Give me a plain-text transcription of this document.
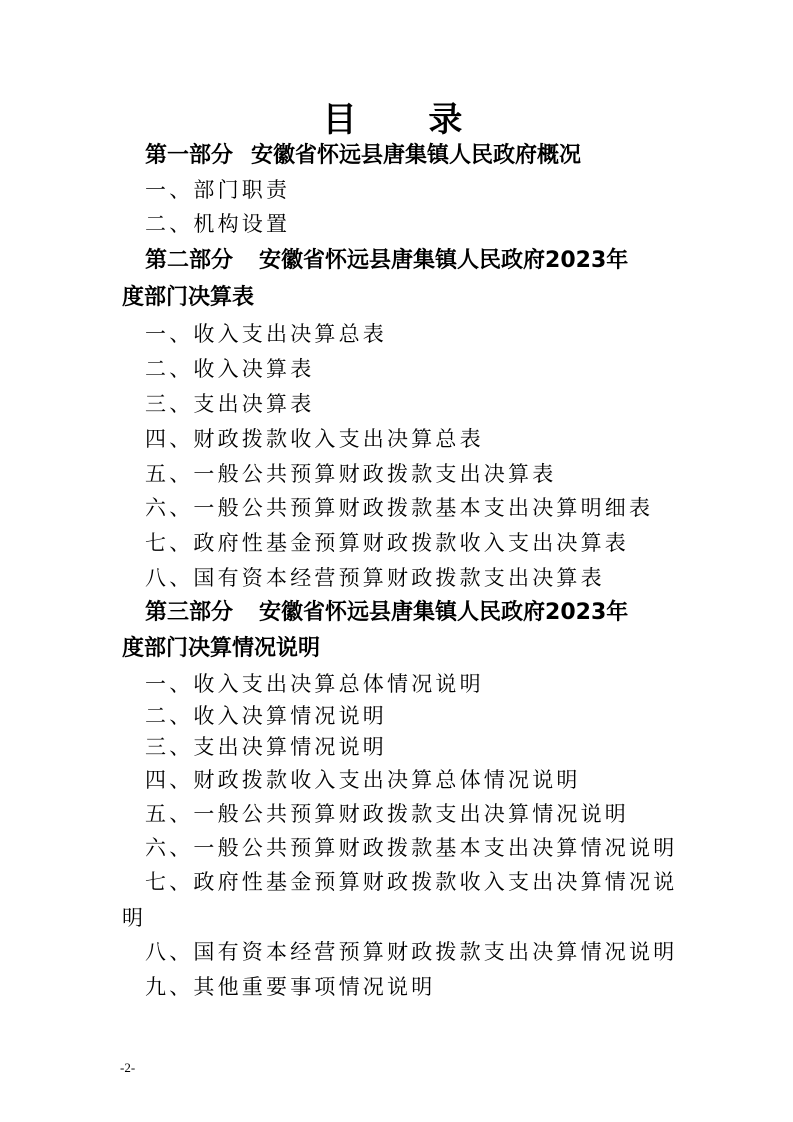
目 录
第一部分 安徽省怀远县唐集镇人民政府概况
一、部门职责
二、机构设置
第二部分 安徽省怀远县唐集镇人民政府2023年
度部门决算表
一、收入支出决算总表
二、收入决算表
三、支出决算表
四、财政拨款收入支出决算总表
五、一般公共预算财政拨款支出决算表
六、一般公共预算财政拨款基本支出决算明细表
七、政府性基金预算财政拨款收入支出决算表
八、国有资本经营预算财政拨款支出决算表
第三部分 安徽省怀远县唐集镇人民政府2023年
度部门决算情况说明
一、收入支出决算总体情况说明
二、收入决算情况说明
三、支出决算情况说明
四、财政拨款收入支出决算总体情况说明
五、一般公共预算财政拨款支出决算情况说明
六、一般公共预算财政拨款基本支出决算情况说明
七、政府性基金预算财政拨款收入支出决算情况说
明
八、国有资本经营预算财政拨款支出决算情况说明
九、其他重要事项情况说明
-2-
